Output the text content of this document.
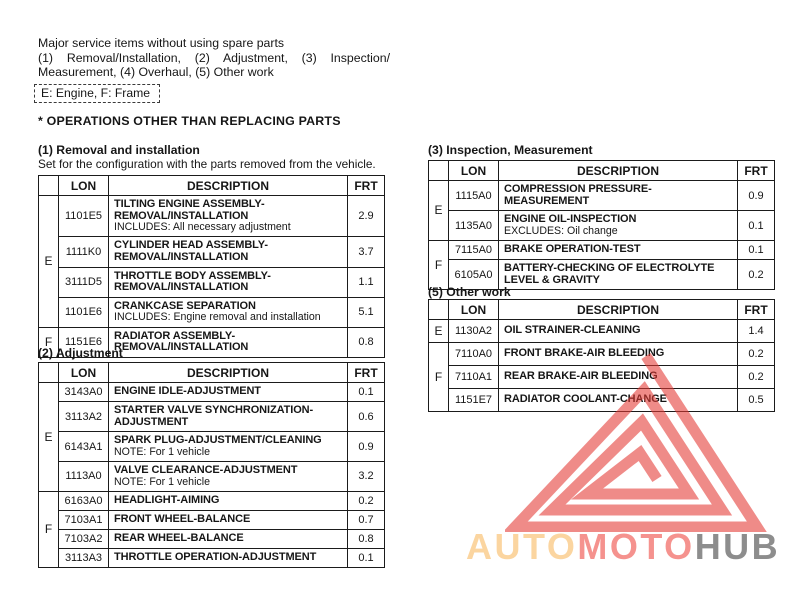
Major service items without using spare parts
(1) Removal/Installation, (2) Adjustment, (3) Inspection/
Measurement, (4) Overhaul, (5) Other work
E: Engine, F: Frame
* OPERATIONS OTHER THAN REPLACING PARTS
(1) Removal and installation
Set for the configuration with the parts removed from the vehicle.
	LON	DESCRIPTION	FRT
E	1101E5	TILTING ENGINE ASSEMBLY-
REMOVAL/INSTALLATION
INCLUDES: All necessary adjustment	2.9
	1111K0	CYLINDER HEAD ASSEMBLY-
REMOVAL/INSTALLATION	3.7
	3111D5	THROTTLE BODY ASSEMBLY-
REMOVAL/INSTALLATION	1.1
	1101E6	CRANKCASE SEPARATION
INCLUDES: Engine removal and installation	5.1
F	1151E6	RADIATOR ASSEMBLY-
REMOVAL/INSTALLATION	0.8
(2) Adjustment
	LON	DESCRIPTION	FRT
E	3143A0	ENGINE IDLE-ADJUSTMENT	0.1
	3113A2	STARTER VALVE SYNCHRONIZATION-
ADJUSTMENT	0.6
	6143A1	SPARK PLUG-ADJUSTMENT/CLEANING
NOTE: For 1 vehicle	0.9
	1113A0	VALVE CLEARANCE-ADJUSTMENT
NOTE: For 1 vehicle	3.2
F	6163A0	HEADLIGHT-AIMING	0.2
	7103A1	FRONT WHEEL-BALANCE	0.7
	7103A2	REAR WHEEL-BALANCE	0.8
	3113A3	THROTTLE OPERATION-ADJUSTMENT	0.1
(3) Inspection, Measurement
	LON	DESCRIPTION	FRT
E	1115A0	COMPRESSION PRESSURE-MEASUREMENT	0.9
	1135A0	ENGINE OIL-INSPECTION
EXCLUDES: Oil change	0.1
F	7115A0	BRAKE OPERATION-TEST	0.1
	6105A0	BATTERY-CHECKING OF ELECTROLYTE
LEVEL & GRAVITY	0.2
(5) Other work
	LON	DESCRIPTION	FRT
E	1130A2	OIL STRAINER-CLEANING	1.4
F	7110A0	FRONT BRAKE-AIR BLEEDING	0.2
	7110A1	REAR BRAKE-AIR BLEEDING	0.2
	1151E7	RADIATOR COOLANT-CHANGE	0.5
AUTOMOTOHUB
